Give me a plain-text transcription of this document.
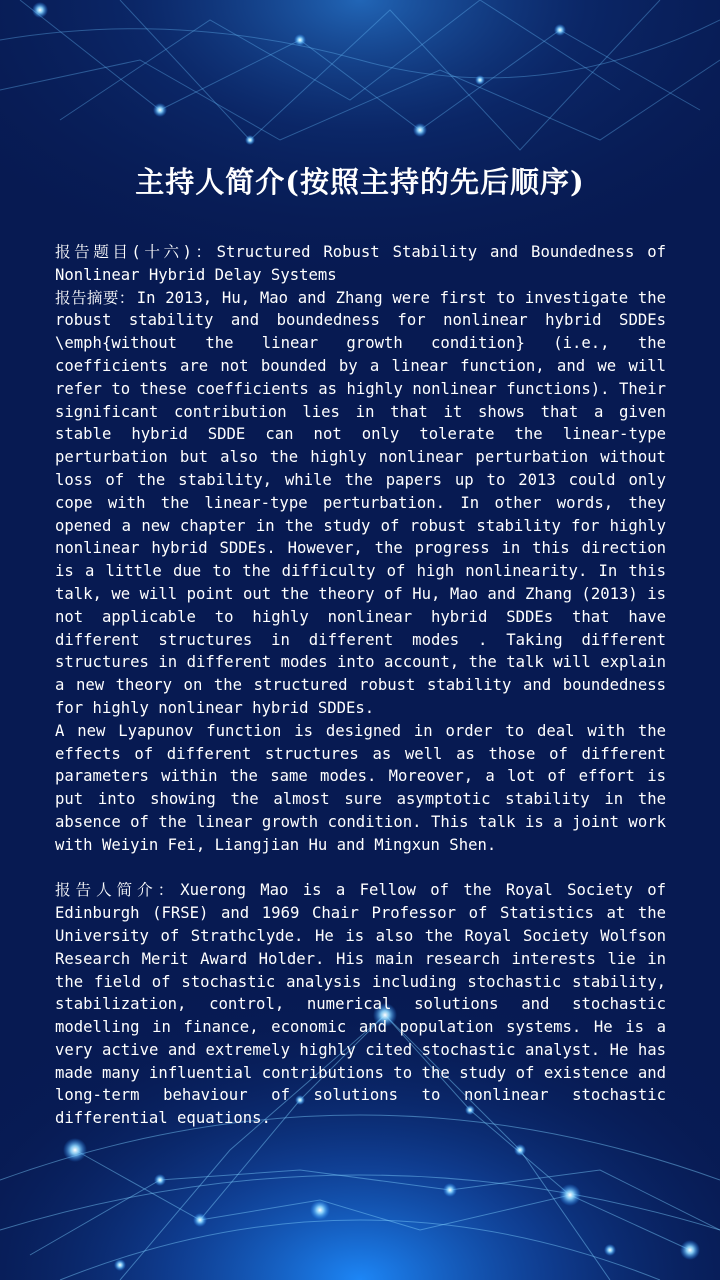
主持人简介(按照主持的先后顺序)

报告题目(十六)： Structured Robust Stability and Boundedness of Nonlinear Hybrid Delay Systems

报告摘要： In 2013, Hu, Mao and Zhang were first to investigate the robust stability and boundedness for nonlinear hybrid SDDEs \emph{without the linear growth condition} (i.e., the coefficients are not bounded by a linear function, and we will refer to these coefficients as highly nonlinear functions). Their significant contribution lies in that it shows that a given stable hybrid SDDE can not only tolerate the linear-type perturbation but also the highly nonlinear perturbation without loss of the stability, while the papers up to 2013 could only cope with the linear-type perturbation. In other words, they opened a new chapter in the study of robust stability for highly nonlinear hybrid SDDEs. However, the progress in this direction is a little due to the difficulty of high nonlinearity. In this talk, we will point out the theory of Hu, Mao and Zhang (2013) is not applicable to highly nonlinear hybrid SDDEs that have different structures in different modes . Taking different structures in different modes into account, the talk will explain a new theory on the structured robust stability and boundedness for highly nonlinear hybrid SDDEs.

A new Lyapunov function is designed in order to deal with the effects of different structures as well as those of different parameters within the same modes. Moreover, a lot of effort is put into showing the almost sure asymptotic stability in the absence of the linear growth condition. This talk is a joint work with Weiyin Fei, Liangjian Hu and Mingxun Shen.

报告人简介： Xuerong Mao is a Fellow of the Royal Society of Edinburgh (FRSE) and 1969 Chair Professor of Statistics at the University of Strathclyde. He is also the Royal Society Wolfson Research Merit Award Holder. His main research interests lie in the field of stochastic analysis including stochastic stability, stabilization, control, numerical solutions and stochastic modelling in finance, economic and population systems. He is a very active and extremely highly cited stochastic analyst. He has made many influential contributions to the study of existence and long-term behaviour of solutions to nonlinear stochastic differential equations.
